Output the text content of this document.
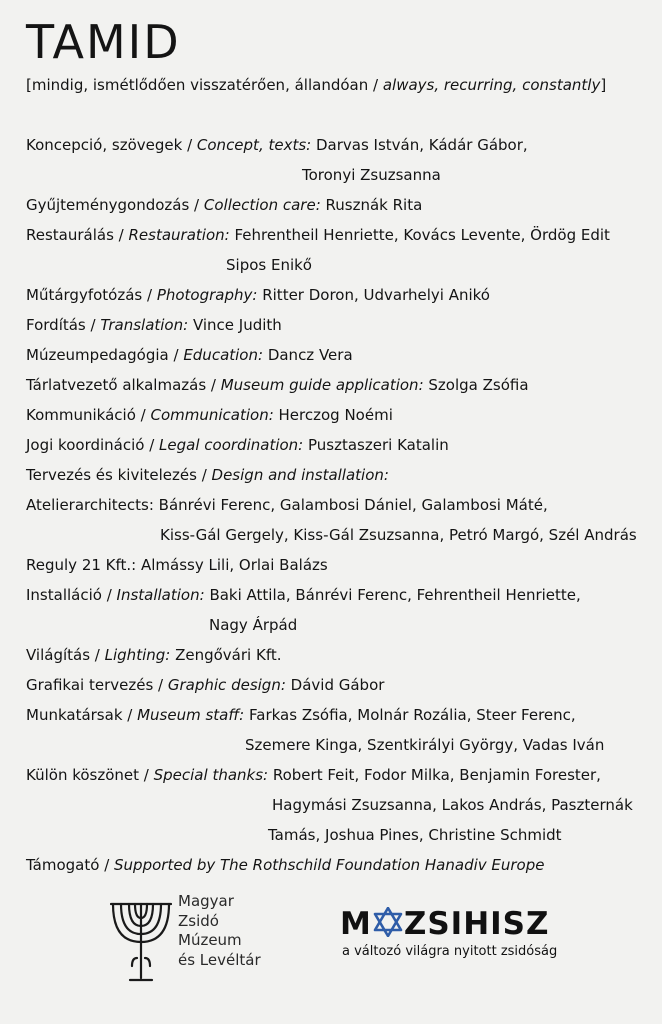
TAMID
[mindig, ismétlődően visszatérően, állandóan / always, recurring, constantly]
Koncepció, szövegek / Concept, texts: Darvas István, Kádár Gábor,
Toronyi Zsuzsanna
Gyűjteménygondozás / Collection care: Rusznák Rita
Restaurálás / Restauration: Fehrentheil Henriette, Kovács Levente, Ördög Edit
Sipos Enikő
Műtárgyfotózás / Photography: Ritter Doron, Udvarhelyi Anikó
Fordítás / Translation: Vince Judith
Múzeumpedagógia / Education: Dancz Vera
Tárlatvezető alkalmazás / Museum guide application: Szolga Zsófia
Kommunikáció / Communication: Herczog Noémi
Jogi koordináció / Legal coordination: Pusztaszeri Katalin
Tervezés és kivitelezés / Design and installation:
Atelierarchitects: Bánrévi Ferenc, Galambosi Dániel, Galambosi Máté,
Kiss-Gál Gergely, Kiss-Gál Zsuzsanna, Petró Margó, Szél András
Reguly 21 Kft.: Almássy Lili, Orlai Balázs
Installáció / Installation: Baki Attila, Bánrévi Ferenc, Fehrentheil Henriette,
Nagy Árpád
Világítás / Lighting: Zengővári Kft.
Grafikai tervezés / Graphic design: Dávid Gábor
Munkatársak / Museum staff: Farkas Zsófia, Molnár Rozália, Steer Ferenc,
Szemere Kinga, Szentkirályi György, Vadas Iván
Külön köszönet / Special thanks: Robert Feit, Fodor Milka, Benjamin Forester,
Hagymási Zsuzsanna, Lakos András, Paszternák
Tamás, Joshua Pines, Christine Schmidt
Támogató / Supported by The Rothschild Foundation Hanadiv Europe
Magyar
Zsidó
Múzeum
és Levéltár
M ZSIHISZ
a változó világra nyitott zsidóság
